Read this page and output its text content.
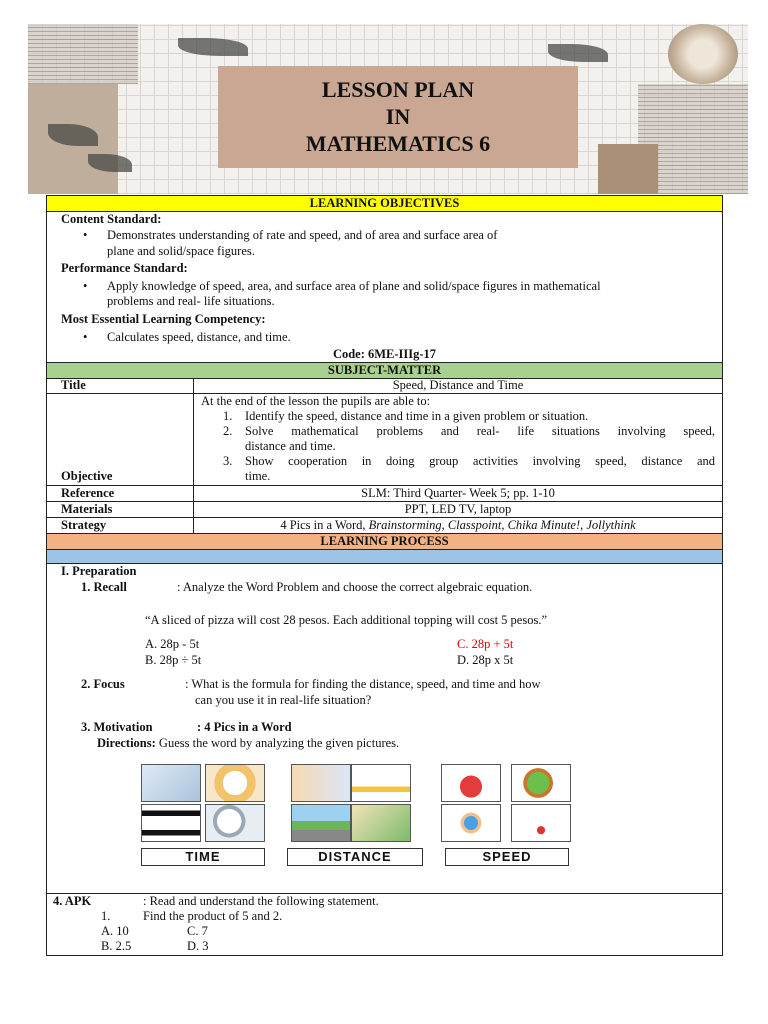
LESSON PLAN
IN
MATHEMATICS 6
LEARNING OBJECTIVES
Content Standard:
• Demonstrates understanding of rate and speed, and of area and surface area of
plane and solid/space figures.
Performance Standard:
• Apply knowledge of speed, area, and surface area of plane and solid/space figures in mathematical
problems and real- life situations.
Most Essential Learning Competency:
• Calculates speed, distance, and time.
Code: 6ME-IIIg-17
SUBJECT-MATTER
Title	Speed, Distance and Time
Objective
At the end of the lesson the pupils are able to:
1. Identify the speed, distance and time in a given problem or situation.
2. Solve mathematical problems and real- life situations involving speed,
distance and time.
3. Show cooperation in doing group activities involving speed, distance and
time.
Reference	SLM: Third Quarter- Week 5; pp. 1-10
Materials	PPT, LED TV, laptop
Strategy	4 Pics in a Word, Brainstorming, Classpoint, Chika Minute!, Jollythink
LEARNING PROCESS
I. Preparation
1. Recall	: Analyze the Word Problem and choose the correct algebraic equation.
“A sliced of pizza will cost 28 pesos. Each additional topping will cost 5 pesos.”
A. 28p - 5t
B. 28p ÷ 5t
C. 28p + 5t
D. 28p x 5t
2. Focus	: What is the formula for finding the distance, speed, and time and how
can you use it in real-life situation?
3. Motivation	: 4 Pics in a Word
Directions: Guess the word by analyzing the given pictures.
TIME	DISTANCE	SPEED
4. APK	: Read and understand the following statement.
1.	Find the product of 5 and 2.
A. 10	C. 7
B. 2.5	D. 3
